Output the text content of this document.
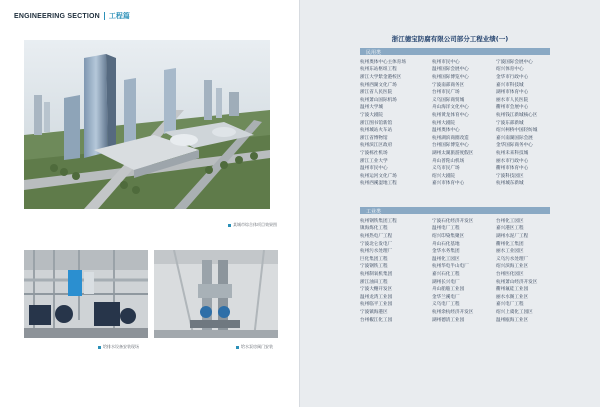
ENGINEERING SECTION 工程篇
某城市综合体项目效果图
给排水设备安装现场	给水泵房阀门安装
浙江德宝防腐有限公司部分工程业绩(一)
民用类
杭州奥体中心主体育场	杭州市民中心	宁波国际会展中心
杭州东站枢纽工程	温州国际会展中心	绍兴体育中心
浙江大学紫金港校区	杭州国际博览中心	金华市行政中心
杭州西湖文化广场	宁波南部商务区	嘉兴市科技城
浙江省人民医院	台州市民广场	湖州市体育中心
杭州萧山国际机场	义乌国际商贸城	丽水市人民医院
温州大学城	舟山海洋文化中心	衢州市会展中心
宁波大剧院	杭州黄龙体育中心	杭州钱江新城核心区
浙江图书馆新馆	杭州大剧院	宁波东部新城
杭州城站火车站	温州奥体中心	绍兴柯桥中国轻纺城
浙江省博物馆	杭州湖滨商圈改造	嘉兴南湖国际会展
杭州滨江区政府	台州国际博览中心	金华国际商务中心
宁波栎社机场	湖州太湖旅游度假区	杭州未来科技城
浙江工业大学	舟山普陀山机场	丽水市行政中心
温州市民中心	义乌市民广场	衢州市体育中心
杭州运河文化广场	绍兴大剧院	宁波科技园区
杭州西溪湿地工程	嘉兴市体育中心	杭州城东新城
工业类
杭州钢铁集团工程	宁波石化经济开发区	台州化工园区
镇海炼化工程	温州电厂工程	嘉兴港区工程
杭州热电厂工程	绍兴印染集聚区	湖州水泥厂工程
宁波北仑发电厂	舟山石化基地	衢州化工集团
杭州污水处理厂	金华水务集团	丽水工业园区
巨化集团工程	温州化工园区	义乌污水处理厂
宁波钢铁工程	杭州华电半山电厂	绍兴滨海工业区
杭州制氧机集团	嘉兴石化工程	台州医化园区
浙江油田工程	湖州长兴电厂	杭州萧山经济开发区
宁波大榭开发区	舟山船舶工业园	衢州氟硅工业园
温州龙湾工业园	金华兰溪电厂	丽水水阁工业区
杭州临平工业园	义乌电厂工程	嘉兴电厂工程
宁波镇海港区	杭州余杭经济开发区	绍兴上虞化工园区
台州椒江化工园	湖州德清工业园	温州瓯海工业区
